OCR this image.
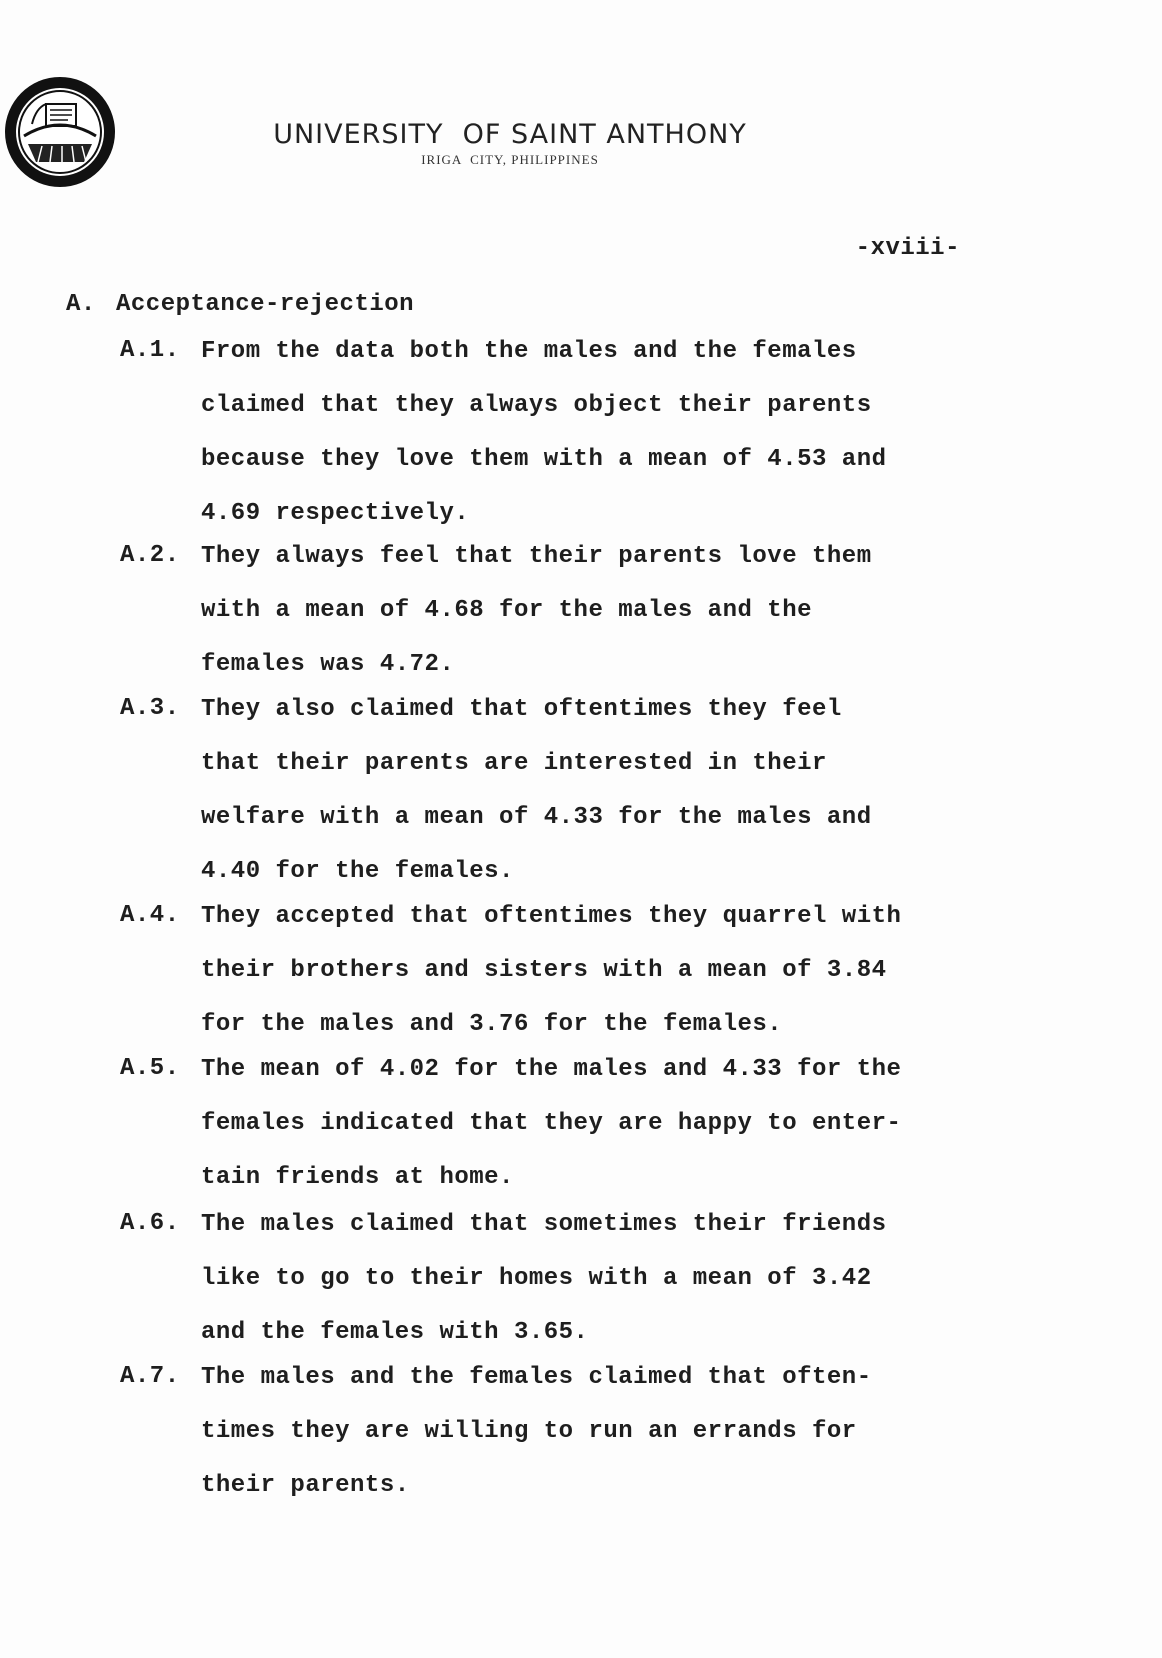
UNIVERSITY  OF SAINT ANTHONY
IRIGA  CITY, PHILIPPINES
-xviii-
A. Acceptance-rejection
A.1. From the data both the males and the females
claimed that they always object their parents
because they love them with a mean of 4.53 and
4.69 respectively.
A.2. They always feel that their parents love them
with a mean of 4.68 for the males and the
females was 4.72.
A.3. They also claimed that oftentimes they feel
that their parents are interested in their
welfare with a mean of 4.33 for the males and
4.40 for the females.
A.4. They accepted that oftentimes they quarrel with
their brothers and sisters with a mean of 3.84
for the males and 3.76 for the females.
A.5. The mean of 4.02 for the males and 4.33 for the
females indicated that they are happy to enter-
tain friends at home.
A.6. The males claimed that sometimes their friends
like to go to their homes with a mean of 3.42
and the females with 3.65.
A.7. The males and the females claimed that often-
times they are willing to run an errands for
their parents.
